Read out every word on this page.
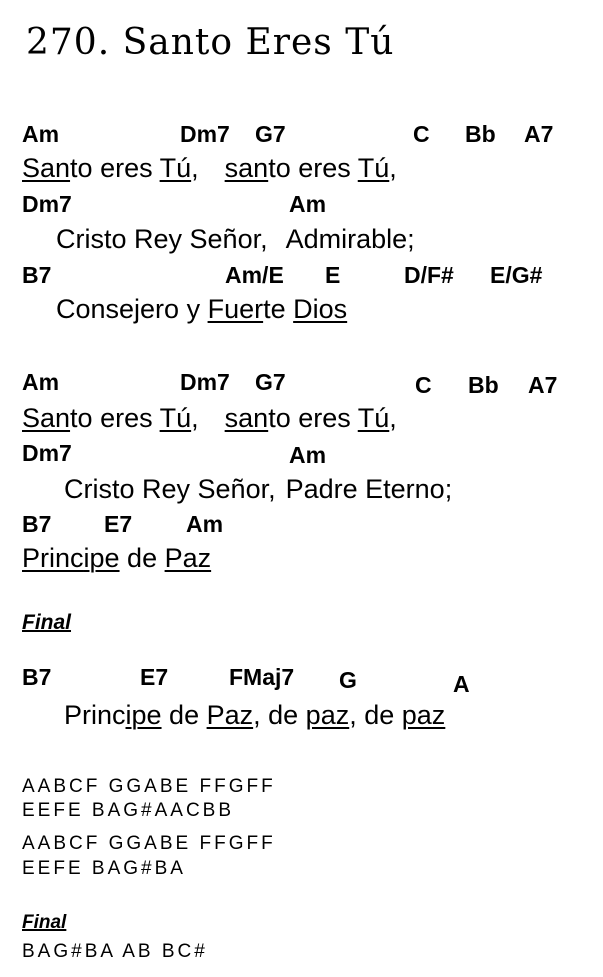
270. Santo Eres Tú
Am	Dm7 G7	C Bb A7
Santo eres Tú, santo eres Tú,
Dm7	Am
Cristo Rey Señor, Admirable;
B7	Am/E E	D/F# E/G#
Consejero y Fuerte Dios
Am	Dm7 G7	C Bb A7
Santo eres Tú, santo eres Tú,
Dm7	Am
Cristo Rey Señor, Padre Eterno;
B7 E7 Am
Principe de Paz
Final
B7	E7	FMaj7 G	A
Principe de Paz, de paz, de paz
AABCF GGABE FFGFF
EEFE BAG#AACBB
AABCF GGABE FFGFF
EEFE BAG#BA
Final
BAG#BA AB BC#
